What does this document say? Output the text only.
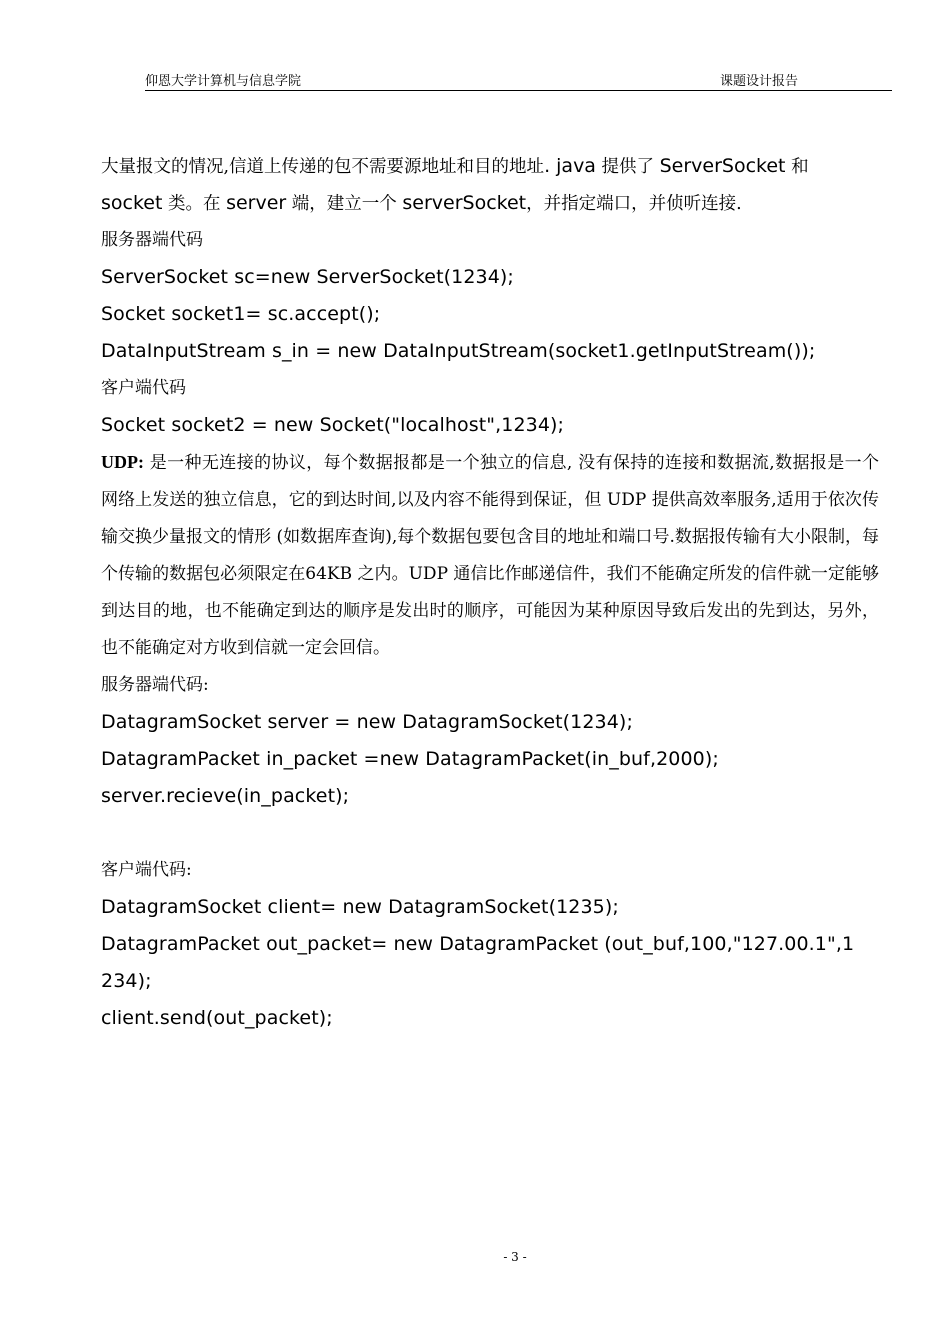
仰恩大学计算机与信息学院	课题设计报告
大量报文的情况,信道上传递的包不需要源地址和目的地址. java 提供了 ServerSocket 和
socket 类。在 server 端，建立一个 serverSocket，并指定端口，并侦听连接.
服务器端代码
ServerSocket sc=new ServerSocket(1234);
Socket socket1= sc.accept();
DataInputStream s_in = new DataInputStream(socket1.getInputStream());
客户端代码
Socket socket2 = new Socket("localhost",1234);
UDP: 是一种无连接的协议，每个数据报都是一个独立的信息, 没有保持的连接和数据流,数据报是一个网络上发送的独立信息，它的到达时间,以及内容不能得到保证，但 UDP 提供高效率服务,适用于依次传输交换少量报文的情形 (如数据库查询),每个数据包要包含目的地址和端口号.数据报传输有大小限制，每个传输的数据包必须限定在64KB 之内。UDP 通信比作邮递信件，我们不能确定所发的信件就一定能够到达目的地，也不能确定到达的顺序是发出时的顺序，可能因为某种原因导致后发出的先到达，另外，也不能确定对方收到信就一定会回信。
服务器端代码:
DatagramSocket server = new DatagramSocket(1234);
DatagramPacket in_packet =new DatagramPacket(in_buf,2000);
server.recieve(in_packet);
客户端代码:
DatagramSocket client= new DatagramSocket(1235);
DatagramPacket out_packet= new DatagramPacket (out_buf,100,"127.00.1",1
234);
client.send(out_packet);
- 3 -
